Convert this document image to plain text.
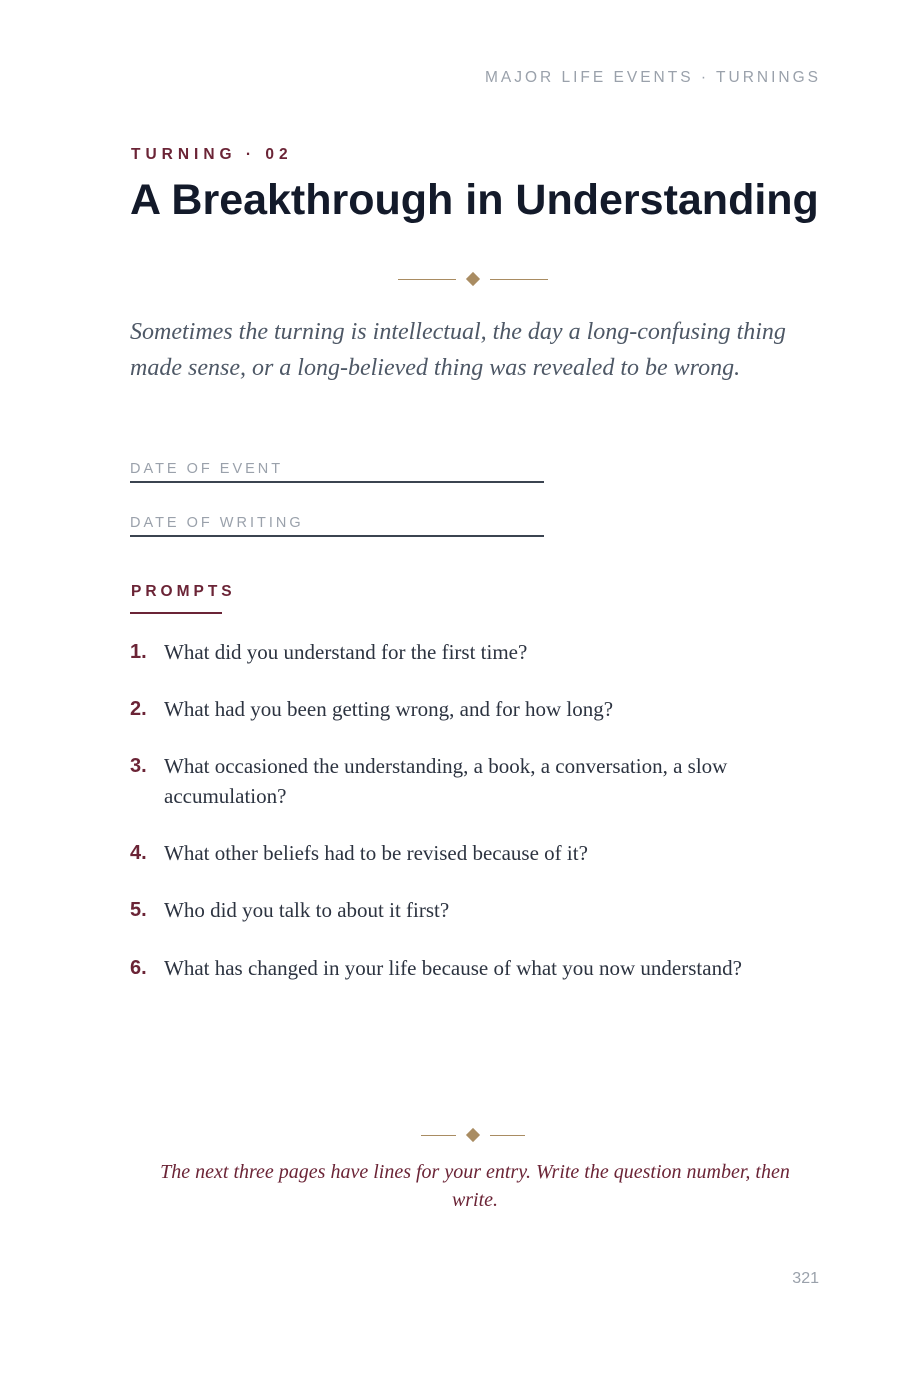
MAJOR LIFE EVENTS · TURNINGS
TURNING · 02
A Breakthrough in Understanding

Sometimes the turning is intellectual, the day a long-confusing thing made sense, or a long-believed thing was revealed to be wrong.

DATE OF EVENT
DATE OF WRITING
PROMPTS
1. What did you understand for the first time?
2. What had you been getting wrong, and for how long?
3. What occasioned the understanding, a book, a conversation, a slow accumulation?
4. What other beliefs had to be revised because of it?
5. Who did you talk to about it first?
6. What has changed in your life because of what you now understand?

The next three pages have lines for your entry. Write the question number, then write.

321
